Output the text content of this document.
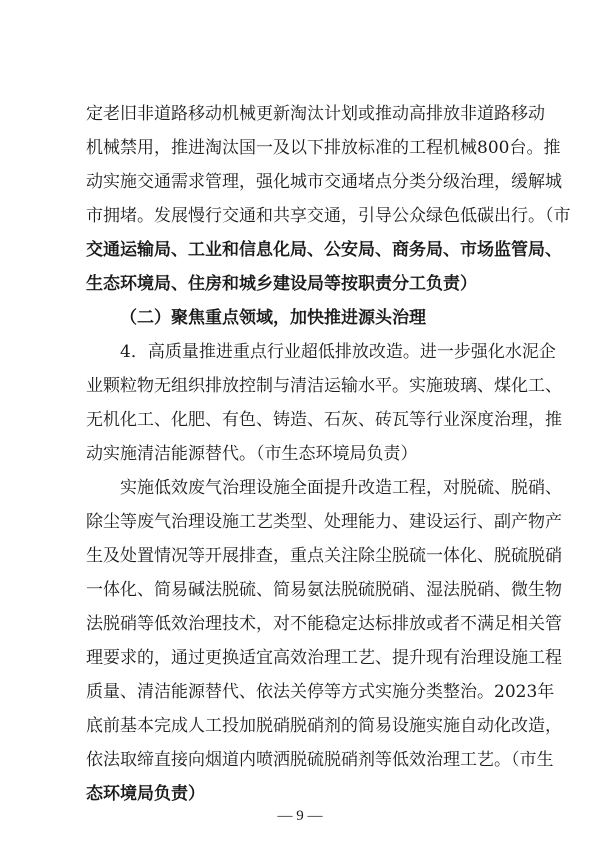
定老旧非道路移动机械更新淘汰计划或推动高排放非道路移动
机械禁用，推进淘汰国一及以下排放标准的工程机械800台。推
动实施交通需求管理，强化城市交通堵点分类分级治理，缓解城
市拥堵。发展慢行交通和共享交通，引导公众绿色低碳出行。（市
交通运输局、工业和信息化局、公安局、商务局、市场监管局、
生态环境局、住房和城乡建设局等按职责分工负责）
（二）聚焦重点领域，加快推进源头治理
4．高质量推进重点行业超低排放改造。进一步强化水泥企
业颗粒物无组织排放控制与清洁运输水平。实施玻璃、煤化工、
无机化工、化肥、有色、铸造、石灰、砖瓦等行业深度治理，推
动实施清洁能源替代。（市生态环境局负责）
实施低效废气治理设施全面提升改造工程，对脱硫、脱硝、
除尘等废气治理设施工艺类型、处理能力、建设运行、副产物产
生及处置情况等开展排查，重点关注除尘脱硫一体化、脱硫脱硝
一体化、简易碱法脱硫、简易氨法脱硫脱硝、湿法脱硝、微生物
法脱硝等低效治理技术，对不能稳定达标排放或者不满足相关管
理要求的，通过更换适宜高效治理工艺、提升现有治理设施工程
质量、清洁能源替代、依法关停等方式实施分类整治。2023年
底前基本完成人工投加脱硝脱硝剂的简易设施实施自动化改造，
依法取缔直接向烟道内喷洒脱硫脱硝剂等低效治理工艺。（市生
态环境局负责）
— 9 —
